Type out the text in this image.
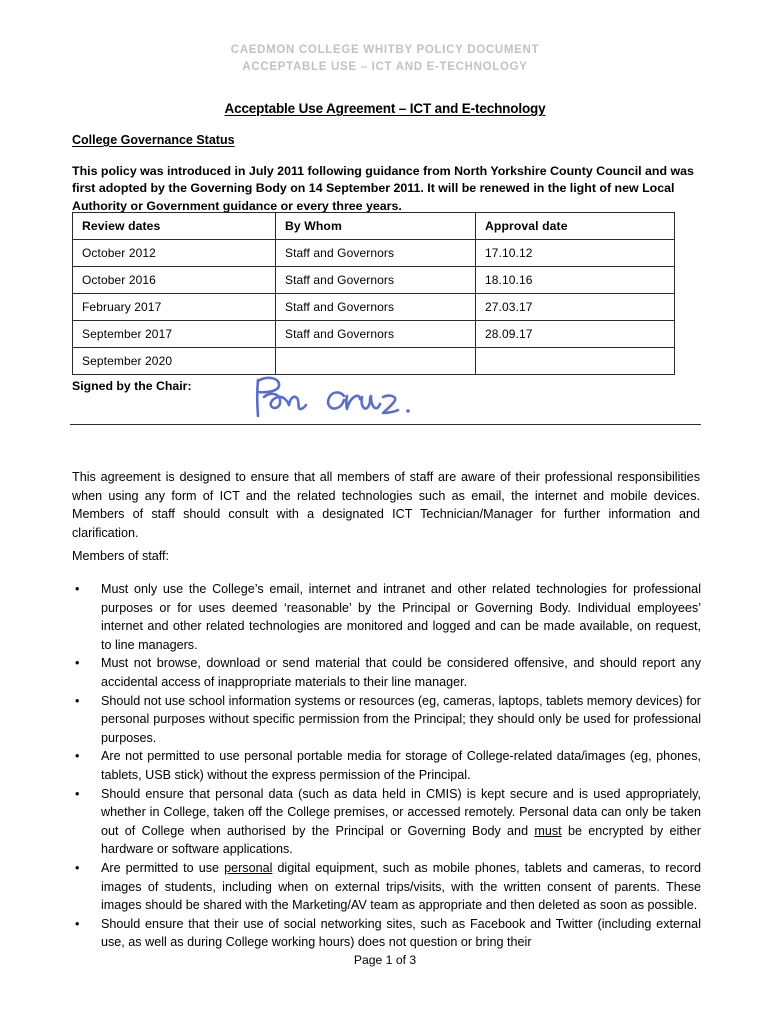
CAEDMON COLLEGE WHITBY POLICY DOCUMENT
ACCEPTABLE USE – ICT AND E-TECHNOLOGY
Acceptable Use Agreement – ICT and E-technology
College Governance Status
This policy was introduced in July 2011 following guidance from North Yorkshire County Council and was first adopted by the Governing Body on 14 September 2011. It will be renewed in the light of new Local Authority or Government guidance or every three years.
Review dates	By Whom	Approval date
October 2012	Staff and Governors	17.10.12
October 2016	Staff and Governors	18.10.16
February 2017	Staff and Governors	27.03.17
September 2017	Staff and Governors	28.09.17
September 2020		
Signed by the Chair:
This agreement is designed to ensure that all members of staff are aware of their professional responsibilities when using any form of ICT and the related technologies such as email, the internet and mobile devices. Members of staff should consult with a designated ICT Technician/Manager for further information and clarification.
Members of staff:
• Must only use the College’s email, internet and intranet and other related technologies for professional purposes or for uses deemed ‘reasonable’ by the Principal or Governing Body. Individual employees’ internet and other related technologies are monitored and logged and can be made available, on request, to line managers.
• Must not browse, download or send material that could be considered offensive, and should report any accidental access of inappropriate materials to their line manager.
• Should not use school information systems or resources (eg, cameras, laptops, tablets memory devices) for personal purposes without specific permission from the Principal; they should only be used for professional purposes.
• Are not permitted to use personal portable media for storage of College-related data/images (eg, phones, tablets, USB stick) without the express permission of the Principal.
• Should ensure that personal data (such as data held in CMIS) is kept secure and is used appropriately, whether in College, taken off the College premises, or accessed remotely. Personal data can only be taken out of College when authorised by the Principal or Governing Body and must be encrypted by either hardware or software applications.
• Are permitted to use personal digital equipment, such as mobile phones, tablets and cameras, to record images of students, including when on external trips/visits, with the written consent of parents. These images should be shared with the Marketing/AV team as appropriate and then deleted as soon as possible.
• Should ensure that their use of social networking sites, such as Facebook and Twitter (including external use, as well as during College working hours) does not question or bring their
Page 1 of 3
